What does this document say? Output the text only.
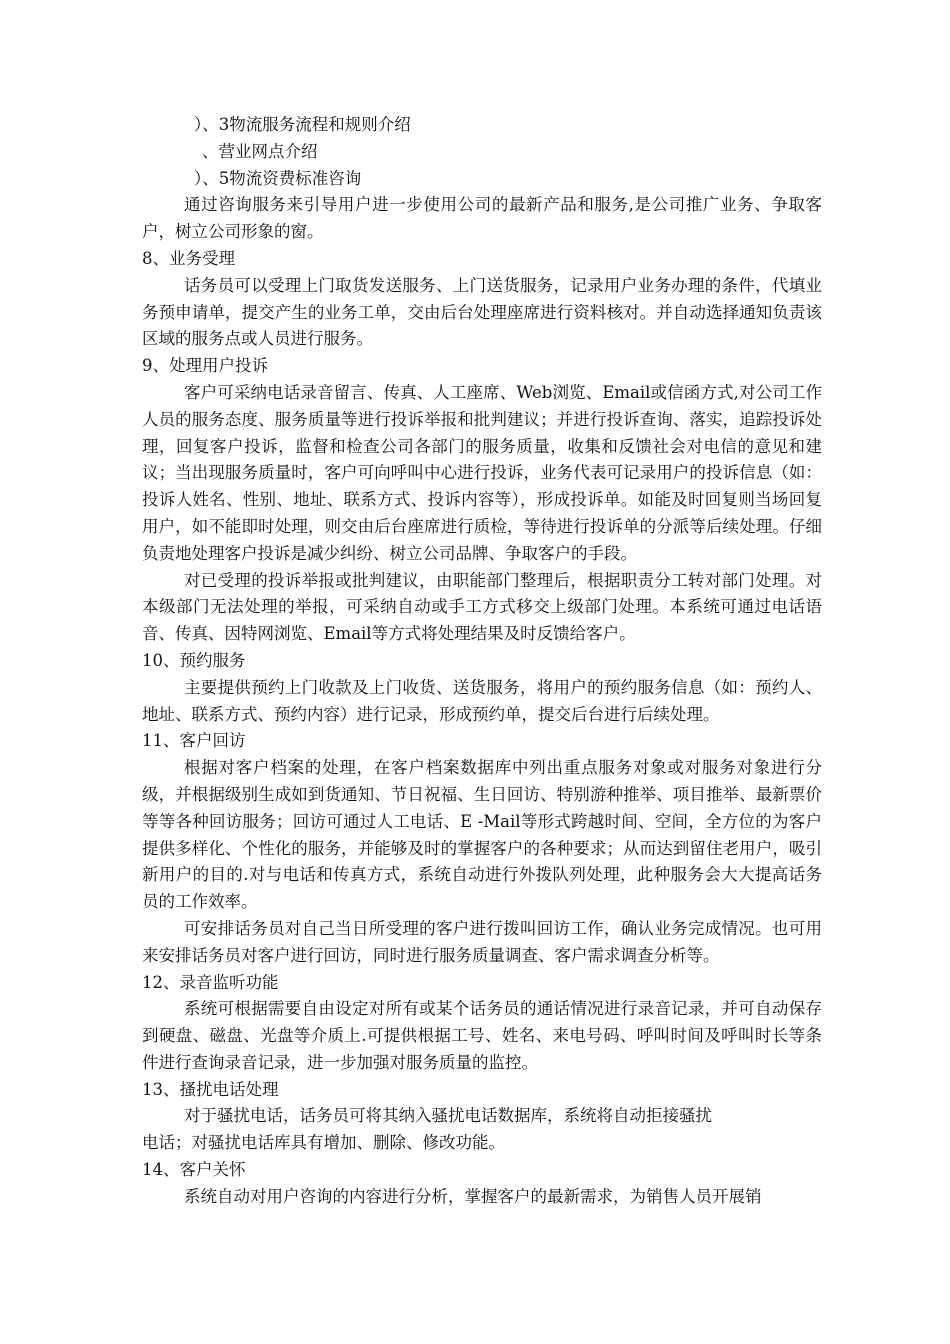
）、3物流服务流程和规则介绍
、营业网点介绍
）、5物流资费标准咨询

通过咨询服务来引导用户进一步使用公司的最新产品和服务,是公司推广业务、争取客户，树立公司形象的窗。

8、业务受理

话务员可以受理上门取货发送服务、上门送货服务，记录用户业务办理的条件，代填业务预申请单，提交产生的业务工单，交由后台处理座席进行资料核对。并自动选择通知负责该区域的服务点或人员进行服务。

9、处理用户投诉

客户可采纳电话录音留言、传真、人工座席、Web浏览、Email或信函方式,对公司工作人员的服务态度、服务质量等进行投诉举报和批判建议；并进行投诉查询、落实，追踪投诉处理，回复客户投诉，监督和检查公司各部门的服务质量，收集和反馈社会对电信的意见和建议；当出现服务质量时，客户可向呼叫中心进行投诉，业务代表可记录用户的投诉信息（如：投诉人姓名、性别、地址、联系方式、投诉内容等），形成投诉单。如能及时回复则当场回复用户，如不能即时处理，则交由后台座席进行质检，等待进行投诉单的分派等后续处理。仔细负责地处理客户投诉是减少纠纷、树立公司品牌、争取客户的手段。

对已受理的投诉举报或批判建议，由职能部门整理后，根据职责分工转对部门处理。对本级部门无法处理的举报，可采纳自动或手工方式移交上级部门处理。本系统可通过电话语音、传真、因特网浏览、Email等方式将处理结果及时反馈给客户。

10、预约服务

主要提供预约上门收款及上门收货、送货服务，将用户的预约服务信息（如：预约人、地址、联系方式、预约内容）进行记录，形成预约单，提交后台进行后续处理。

11、客户回访

根据对客户档案的处理，在客户档案数据库中列出重点服务对象或对服务对象进行分级，并根据级别生成如到货通知、节日祝福、生日回访、特别游种推举、项目推举、最新票价等等各种回访服务；回访可通过人工电话、E -Mail等形式跨越时间、空间，全方位的为客户提供多样化、个性化的服务，并能够及时的掌握客户的各种要求；从而达到留住老用户，吸引新用户的目的.对与电话和传真方式，系统自动进行外拨队列处理，此种服务会大大提高话务员的工作效率。

可安排话务员对自己当日所受理的客户进行拨叫回访工作，确认业务完成情况。也可用来安排话务员对客户进行回访，同时进行服务质量调查、客户需求调查分析等。

12、录音监听功能

系统可根据需要自由设定对所有或某个话务员的通话情况进行录音记录，并可自动保存到硬盘、磁盘、光盘等介质上.可提供根据工号、姓名、来电号码、呼叫时间及呼叫时长等条件进行查询录音记录，进一步加强对服务质量的监控。

13、搔扰电话处理

对于骚扰电话，话务员可将其纳入骚扰电话数据库，系统将自动拒接骚扰

电话；对骚扰电话库具有增加、删除、修改功能。

14、客户关怀

系统自动对用户咨询的内容进行分析，掌握客户的最新需求，为销售人员开展销
